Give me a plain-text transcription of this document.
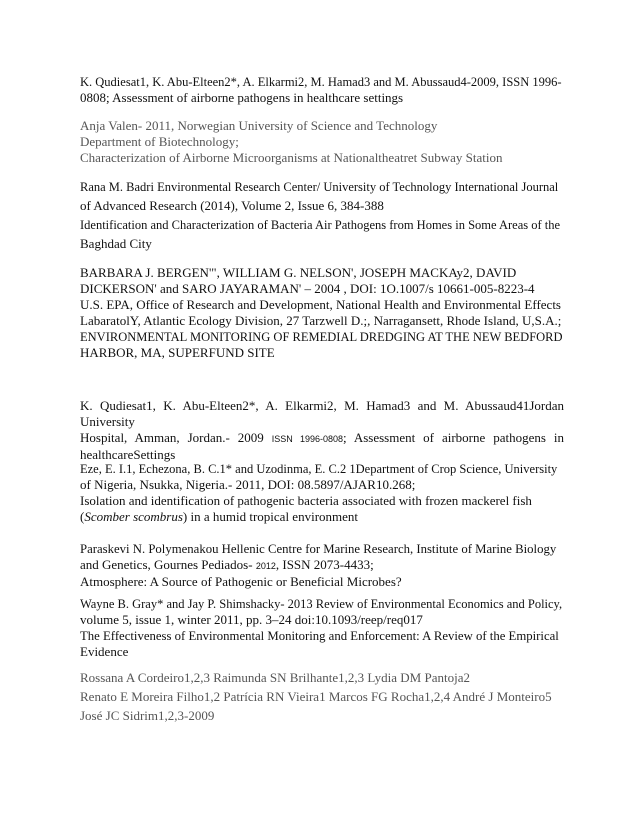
K. Qudiesat1, K. Abu-Elteen2*, A. Elkarmi2, M. Hamad3 and M. Abussaud4-2009, ISSN 1996-
0808; Assessment of airborne pathogens in healthcare settings
Anja Valen- 2011, Norwegian University of Science and Technology
Department of Biotechnology;
Characterization of Airborne Microorganisms at Nationaltheatret Subway Station
Rana M. Badri Environmental Research Center/ University of Technology International Journal
of Advanced Research (2014), Volume 2, Issue 6, 384-388
Identification and Characterization of Bacteria Air Pathogens from Homes in Some Areas of the
Baghdad City
BARBARA J. BERGEN'", WILLIAM G. NELSON', JOSEPH MACKAy2, DAVID
DICKERSON' and SARO JAYARAMAN' – 2004 , DOI: 1O.1007/s 10661-005-8223-4
U.S. EPA, Office of Research and Development, National Health and Environmental Effects
LabaratolY, Atlantic Ecology Division, 27 Tarzwell D.;, Narragansett, Rhode Island, U,S.A.;
ENVIRONMENTAL MONITORING OF REMEDIAL DREDGING AT THE NEW BEDFORD
HARBOR, MA, SUPERFUND SITE
K. Qudiesat1, K. Abu-Elteen2*, A. Elkarmi2, M. Hamad3 and M. Abussaud41Jordan University
Hospital, Amman, Jordan.- 2009 ISSN 1996-0808; Assessment of airborne pathogens in
healthcareSettings
Eze, E. I.1, Echezona, B. C.1* and Uzodinma, E. C.2 1Department of Crop Science, University
of Nigeria, Nsukka, Nigeria.- 2011, DOI: 08.5897/AJAR10.268;
Isolation and identification of pathogenic bacteria associated with frozen mackerel fish
(Scomber scombrus) in a humid tropical environment
Paraskevi N. Polymenakou Hellenic Centre for Marine Research, Institute of Marine Biology
and Genetics, Gournes Pediados- 2012, ISSN 2073-4433;
Atmosphere: A Source of Pathogenic or Beneficial Microbes?
Wayne B. Gray* and Jay P. Shimshacky- 2013 Review of Environmental Economics and Policy,
volume 5, issue 1, winter 2011, pp. 3–24 doi:10.1093/reep/req017
The Effectiveness of Environmental Monitoring and Enforcement: A Review of the Empirical
Evidence
Rossana A Cordeiro1,2,3 Raimunda SN Brilhante1,2,3 Lydia DM Pantoja2
Renato E Moreira Filho1,2 Patrícia RN Vieira1 Marcos FG Rocha1,2,4 André J Monteiro5
José JC Sidrim1,2,3-2009
